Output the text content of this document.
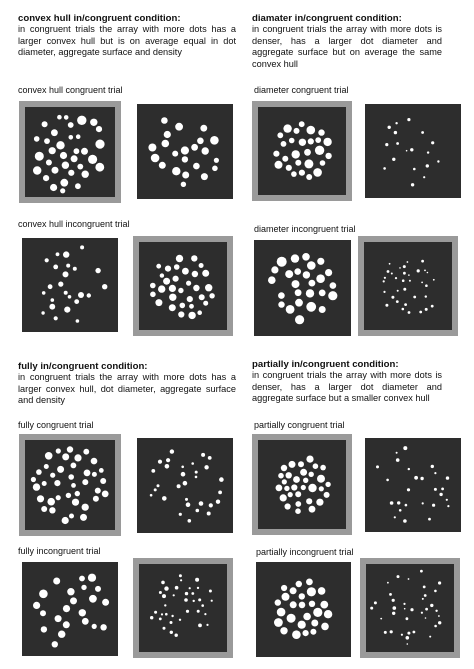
convex hull in/congruent condition:
in congruent trials the array with more dots has a larger convex hull but is on average equal in dot diameter, aggregate surface and density
diamater in/congruent condition:
in congruent trials the array with more dots is denser, has a larger dot diameter and aggregate surface but on average the same convex hull
fully in/congruent condition:
in congruent trials the array with more dots has a larger convex hull, dot diameter, aggregate surface and density
partially in/congruent condition:
in congruent trials the array with more dots is denser, has a larger dot diameter and aggregate surface but a smaller convex hull
convex hull congruent trial	diameter congruent trial
convex hull incongruent trial	diameter incongruent trial
fully congruent trial	partially congruent trial
fully incongruent trial	partially incongruent trial
